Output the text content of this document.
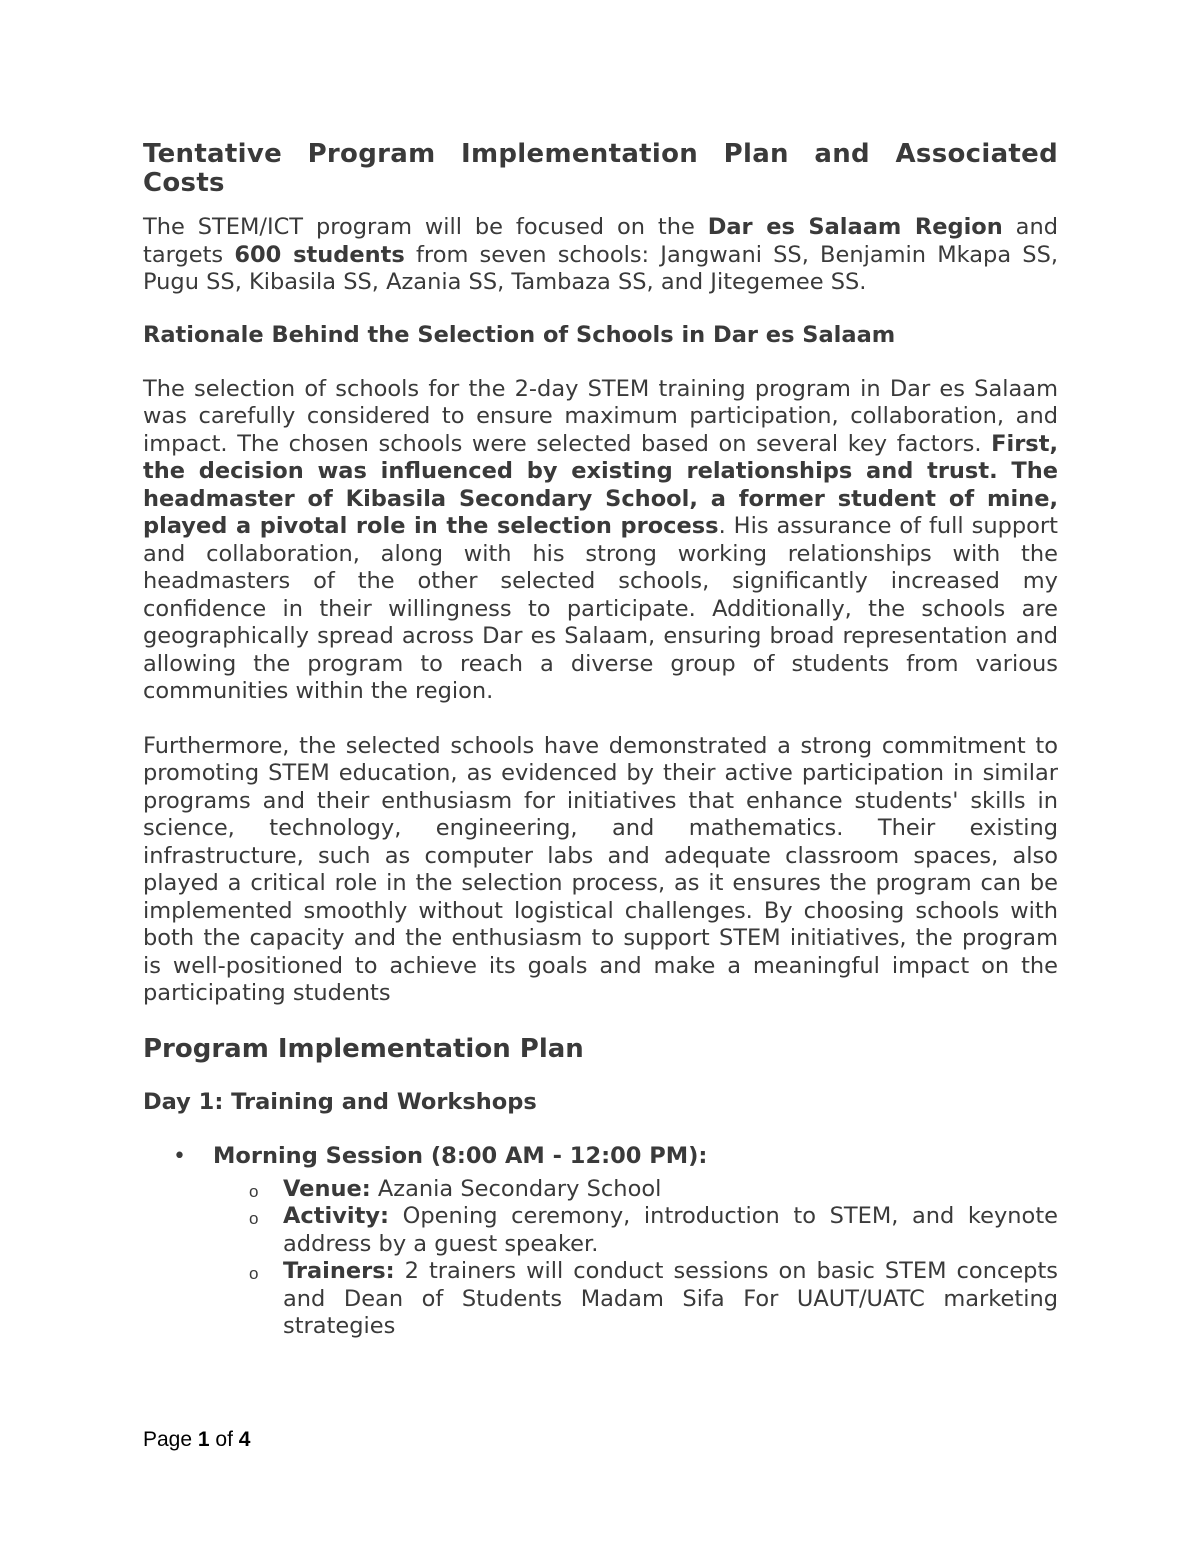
Tentative Program Implementation Plan and Associated
Costs

The STEM/ICT program will be focused on the Dar es Salaam Region and targets 600 students from seven schools: Jangwani SS, Benjamin Mkapa SS, Pugu SS, Kibasila SS, Azania SS, Tambaza SS, and Jitegemee SS.

Rationale Behind the Selection of Schools in Dar es Salaam

The selection of schools for the 2-day STEM training program in Dar es Salaam was carefully considered to ensure maximum participation, collaboration, and impact. The chosen schools were selected based on several key factors. First, the decision was influenced by existing relationships and trust. The headmaster of Kibasila Secondary School, a former student of mine, played a pivotal role in the selection process. His assurance of full support and collaboration, along with his strong working relationships with the headmasters of the other selected schools, significantly increased my confidence in their willingness to participate. Additionally, the schools are geographically spread across Dar es Salaam, ensuring broad representation and allowing the program to reach a diverse group of students from various communities within the region.

Furthermore, the selected schools have demonstrated a strong commitment to promoting STEM education, as evidenced by their active participation in similar programs and their enthusiasm for initiatives that enhance students' skills in science, technology, engineering, and mathematics. Their existing infrastructure, such as computer labs and adequate classroom spaces, also played a critical role in the selection process, as it ensures the program can be implemented smoothly without logistical challenges. By choosing schools with both the capacity and the enthusiasm to support STEM initiatives, the program is well-positioned to achieve its goals and make a meaningful impact on the participating students

Program Implementation Plan
Day 1: Training and Workshops
• Morning Session (8:00 AM - 12:00 PM):
o Venue: Azania Secondary School
o Activity: Opening ceremony, introduction to STEM, and keynote address by a guest speaker.
o Trainers: 2 trainers will conduct sessions on basic STEM concepts and Dean of Students Madam Sifa For UAUT/UATC marketing strategies
Page 1 of 4
